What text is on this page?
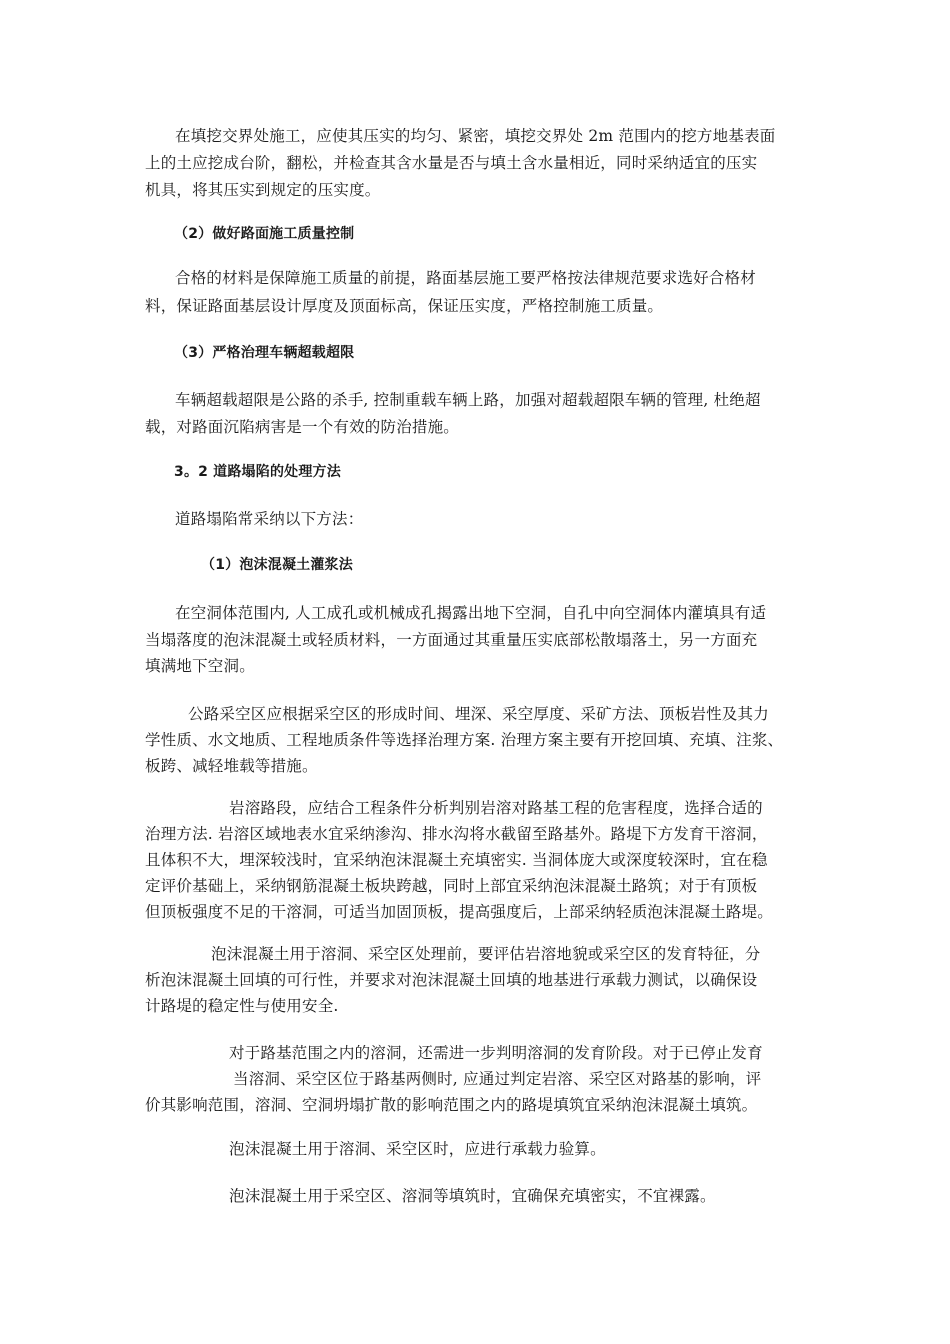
在填挖交界处施工，应使其压实的均匀、紧密，填挖交界处 2m 范围内的挖方地基表面
上的土应挖成台阶，翻松，并检查其含水量是否与填土含水量相近，同时采纳适宜的压实
机具，将其压实到规定的压实度。
（2）做好路面施工质量控制
合格的材料是保障施工质量的前提，路面基层施工要严格按法律规范要求选好合格材
料，保证路面基层设计厚度及顶面标高，保证压实度，严格控制施工质量。
（3）严格治理车辆超载超限
车辆超载超限是公路的杀手, 控制重载车辆上路，加强对超载超限车辆的管理, 杜绝超
载，对路面沉陷病害是一个有效的防治措施。
3。2 道路塌陷的处理方法
道路塌陷常采纳以下方法：
（1）泡沫混凝土灌浆法
在空洞体范围内, 人工成孔或机械成孔揭露出地下空洞，自孔中向空洞体内灌填具有适
当塌落度的泡沫混凝土或轻质材料，一方面通过其重量压实底部松散塌落土，另一方面充
填满地下空洞。
公路采空区应根据采空区的形成时间、埋深、采空厚度、采矿方法、顶板岩性及其力
学性质、水文地质、工程地质条件等选择治理方案. 治理方案主要有开挖回填、充填、注浆、
板跨、减轻堆载等措施。
岩溶路段，应结合工程条件分析判别岩溶对路基工程的危害程度，选择合适的
治理方法. 岩溶区域地表水宜采纳渗沟、排水沟将水截留至路基外。路堤下方发育干溶洞，
且体积不大，埋深较浅时，宜采纳泡沫混凝土充填密实. 当洞体庞大或深度较深时，宜在稳
定评价基础上，采纳钢筋混凝土板块跨越，同时上部宜采纳泡沫混凝土路筑；对于有顶板
但顶板强度不足的干溶洞，可适当加固顶板，提高强度后，上部采纳轻质泡沫混凝土路堤。
泡沫混凝土用于溶洞、采空区处理前，要评估岩溶地貌或采空区的发育特征，分
析泡沫混凝土回填的可行性，并要求对泡沫混凝土回填的地基进行承载力测试，以确保设
计路堤的稳定性与使用安全.
对于路基范围之内的溶洞，还需进一步判明溶洞的发育阶段。对于已停止发育
当溶洞、采空区位于路基两侧时, 应通过判定岩溶、采空区对路基的影响，评
价其影响范围，溶洞、空洞坍塌扩散的影响范围之内的路堤填筑宜采纳泡沫混凝土填筑。
泡沫混凝土用于溶洞、采空区时，应进行承载力验算。
泡沫混凝土用于采空区、溶洞等填筑时，宜确保充填密实，不宜裸露。
